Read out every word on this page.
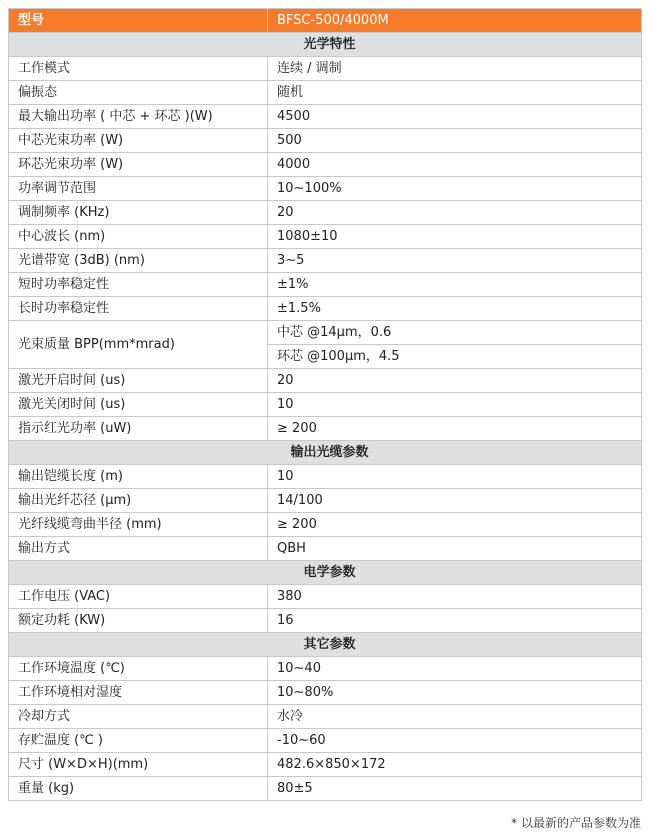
型号	BFSC-500/4000M
光学特性	
工作模式	连续 / 调制
偏振态	随机
最大输出功率 ( 中芯 + 环芯 )(W)	4500
中芯光束功率 (W)	500
环芯光束功率 (W)	4000
功率调节范围	10~100%
调制频率 (KHz)	20
中心波长 (nm)	1080±10
光谱带宽 (3dB) (nm)	3~5
短时功率稳定性	±1%
长时功率稳定性	±1.5%
光束质量 BPP(mm*mrad)	中芯 @14μm，0.6
	环芯 @100μm，4.5
激光开启时间 (us)	20
激光关闭时间 (us)	10
指示红光功率 (uW)	≥ 200
输出光缆参数	
输出铠缆长度 (m)	10
输出光纤芯径 (μm)	14/100
光纤线缆弯曲半径 (mm)	≥ 200
输出方式	QBH
电学参数	
工作电压 (VAC)	380
额定功耗 (KW)	16
其它参数	
工作环境温度 (℃)	10~40
工作环境相对湿度	10~80%
冷却方式	水冷
存贮温度 (℃ )	-10~60
尺寸 (W×D×H)(mm)	482.6×850×172
重量 (kg)	80±5
* 以最新的产品参数为准
